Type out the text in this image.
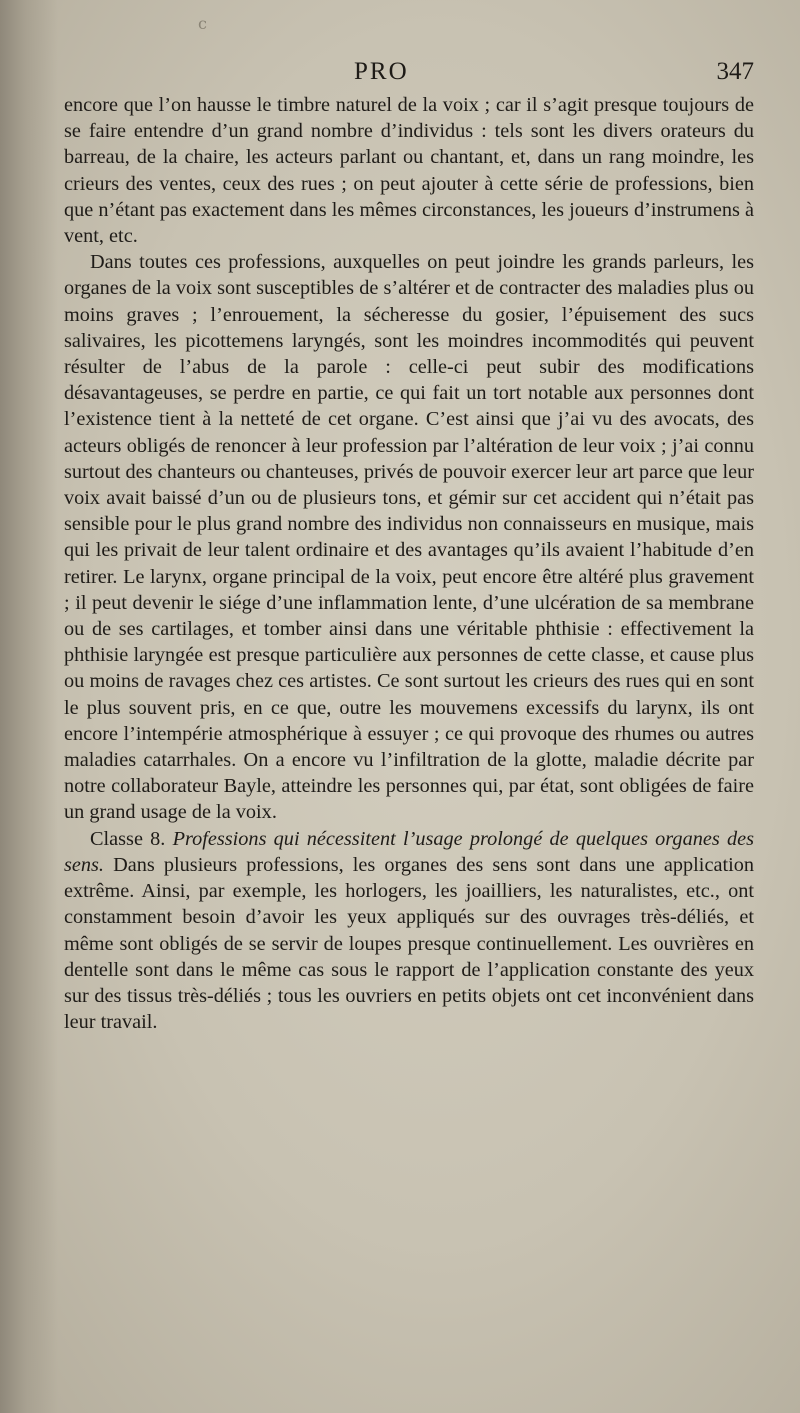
c
PRO	347

encore que l’on hausse le timbre naturel de la voix ; car il s’agit presque toujours de se faire entendre d’un grand nombre d’individus : tels sont les divers orateurs du barreau, de la chaire, les acteurs parlant ou chantant, et, dans un rang moindre, les crieurs des ventes, ceux des rues ; on peut ajouter à cette série de professions, bien que n’étant pas exactement dans les mêmes circonstances, les joueurs d’instrumens à vent, etc.

Dans toutes ces professions, auxquelles on peut joindre les grands parleurs, les organes de la voix sont susceptibles de s’altérer et de contracter des maladies plus ou moins graves ; l’enrouement, la sécheresse du gosier, l’épuisement des sucs salivaires, les picottemens laryngés, sont les moindres incommodités qui peuvent résulter de l’abus de la parole : celle-ci peut subir des modifications désavantageuses, se perdre en partie, ce qui fait un tort notable aux personnes dont l’existence tient à la netteté de cet organe. C’est ainsi que j’ai vu des avocats, des acteurs obligés de renoncer à leur profession par l’altération de leur voix ; j’ai connu surtout des chanteurs ou chanteuses, privés de pouvoir exercer leur art parce que leur voix avait baissé d’un ou de plusieurs tons, et gémir sur cet accident qui n’était pas sensible pour le plus grand nombre des individus non connaisseurs en musique, mais qui les privait de leur talent ordinaire et des avantages qu’ils avaient l’habitude d’en retirer. Le larynx, organe principal de la voix, peut encore être altéré plus gravement ; il peut devenir le siége d’une inflammation lente, d’une ulcération de sa membrane ou de ses cartilages, et tomber ainsi dans une véritable phthisie : effectivement la phthisie laryngée est presque particulière aux personnes de cette classe, et cause plus ou moins de ravages chez ces artistes. Ce sont surtout les crieurs des rues qui en sont le plus souvent pris, en ce que, outre les mouvemens excessifs du larynx, ils ont encore l’intempérie atmosphérique à essuyer ; ce qui provoque des rhumes ou autres maladies catarrhales. On a encore vu l’infiltration de la glotte, maladie décrite par notre collaborateur Bayle, atteindre les personnes qui, par état, sont obligées de faire un grand usage de la voix.

Classe 8. Professions qui nécessitent l’usage prolongé de quelques organes des sens. Dans plusieurs professions, les organes des sens sont dans une application extrême. Ainsi, par exemple, les horlogers, les joailliers, les naturalistes, etc., ont constamment besoin d’avoir les yeux appliqués sur des ouvrages très-déliés, et même sont obligés de se servir de loupes presque continuellement. Les ouvrières en dentelle sont dans le même cas sous le rapport de l’application constante des yeux sur des tissus très-déliés ; tous les ouvriers en petits objets ont cet inconvénient dans leur travail.
